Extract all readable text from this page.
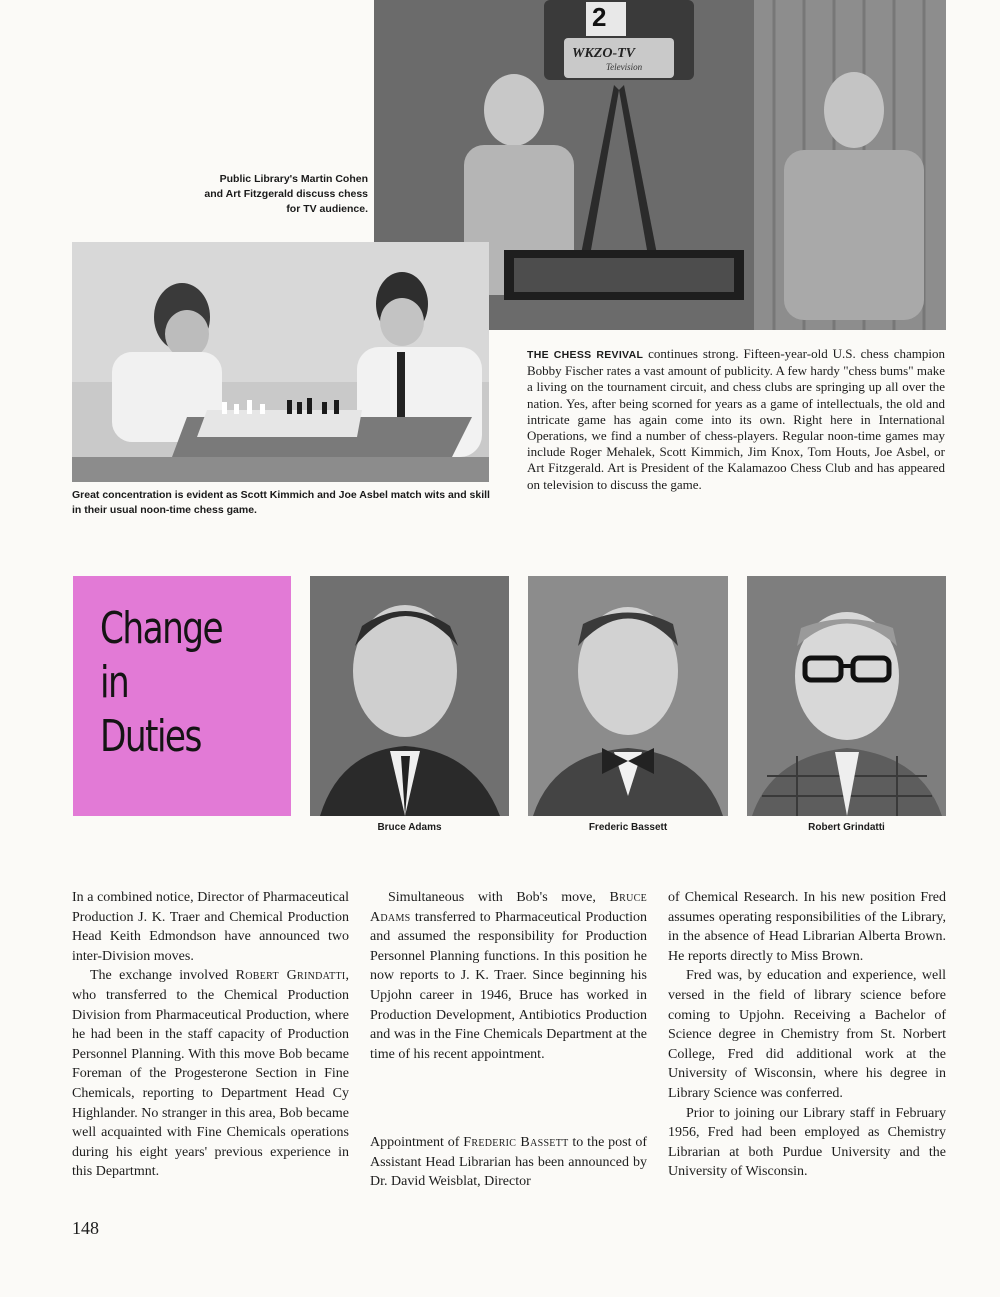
2
WKZO-TV
Television
Public Library's Martin Cohen and Art Fitzgerald discuss chess for TV audience.
Great concentration is evident as Scott Kimmich and Joe Asbel match wits and skill in their usual noon-time chess game.
THE CHESS REVIVAL continues strong. Fifteen-year-old U.S. chess champion Bobby Fischer rates a vast amount of publicity. A few hardy "chess bums" make a living on the tournament circuit, and chess clubs are springing up all over the nation. Yes, after being scorned for years as a game of intellectuals, the old and intricate game has again come into its own. Right here in International Operations, we find a number of chess-players. Regular noon-time games may include Roger Mehalek, Scott Kimmich, Jim Knox, Tom Houts, Joe Asbel, or Art Fitzgerald. Art is President of the Kalamazoo Chess Club and has appeared on television to discuss the game.
Change
in
Duties
Bruce Adams	Frederic Bassett	Robert Grindatti

In a combined notice, Director of Pharmaceutical Production J. K. Traer and Chemical Production Head Keith Edmondson have announced two inter-Division moves.

The exchange involved Robert Grindatti, who transferred to the Chemical Production Division from Pharmaceutical Production, where he had been in the staff capacity of Production Personnel Planning. With this move Bob became Foreman of the Progesterone Section in Fine Chemicals, reporting to Department Head Cy Highlander. No stranger in this area, Bob became well acquainted with Fine Chemicals operations during his eight years' previous experience in this Departmnt.

Simultaneous with Bob's move, Bruce Adams transferred to Pharmaceutical Production and assumed the responsibility for Production Personnel Planning functions. In this position he now reports to J. K. Traer. Since beginning his Upjohn career in 1946, Bruce has worked in Production Development, Antibiotics Production and was in the Fine Chemicals Department at the time of his recent appointment.

Appointment of Frederic Bassett to the post of Assistant Head Librarian has been announced by Dr. David Weisblat, Director

of Chemical Research. In his new position Fred assumes operating responsibilities of the Library, in the absence of Head Librarian Alberta Brown. He reports directly to Miss Brown.

Fred was, by education and experience, well versed in the field of library science before coming to Upjohn. Receiving a Bachelor of Science degree in Chemistry from St. Norbert College, Fred did additional work at the University of Wisconsin, where his degree in Library Science was conferred.

Prior to joining our Library staff in February 1956, Fred had been employed as Chemistry Librarian at both Purdue University and the University of Wisconsin.

148
